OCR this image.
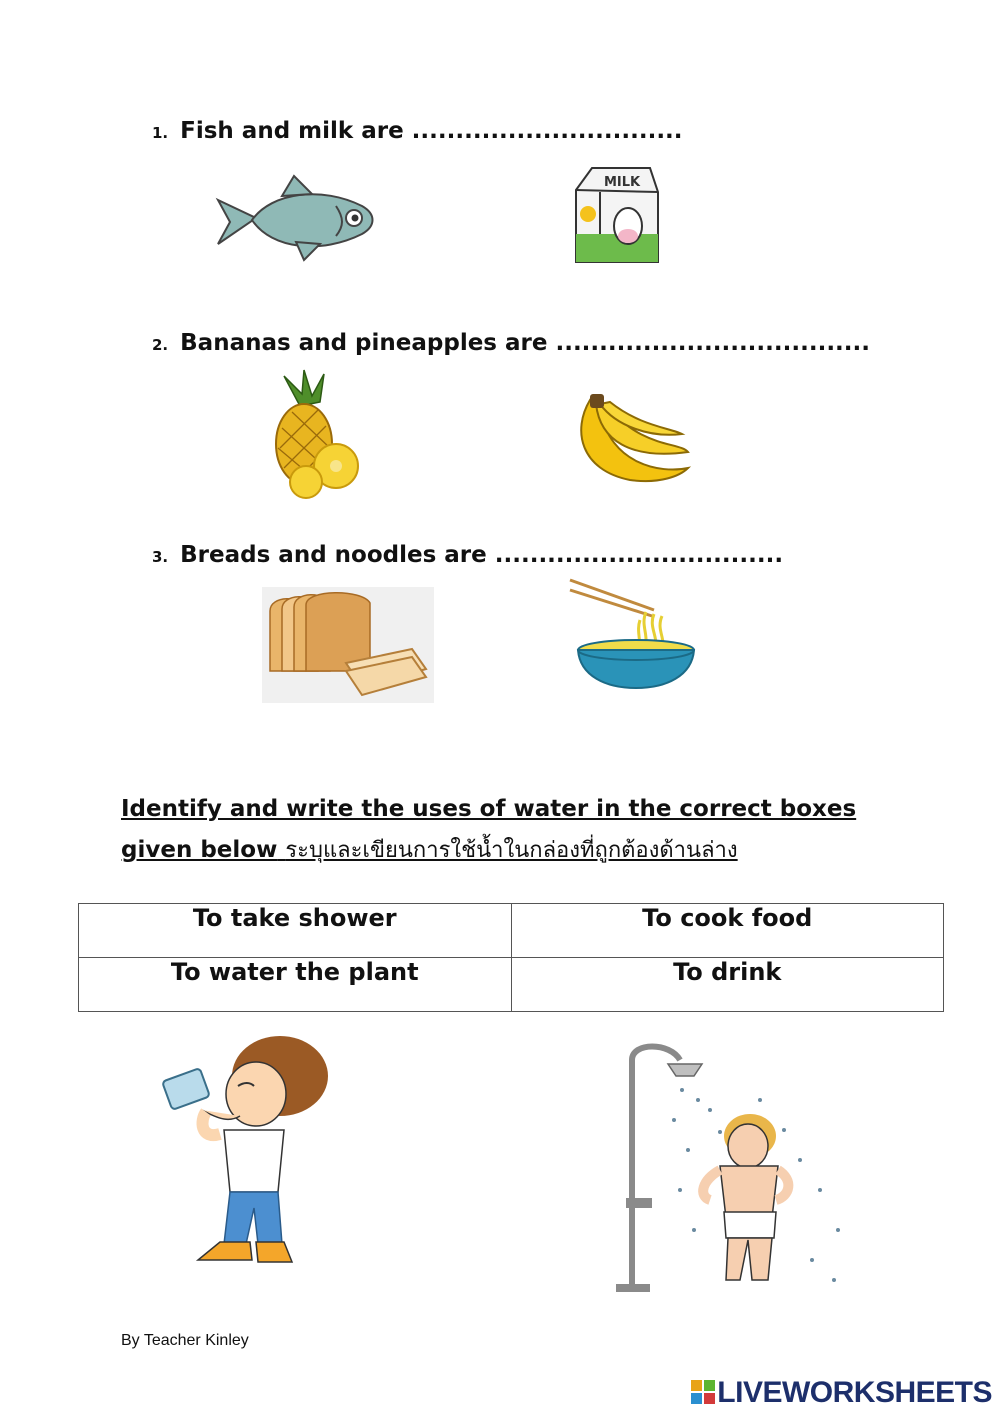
1. Fish and milk are ...............................
MILK
2. Bananas and pineapples are ....................................
3. Breads and noodles are .................................
Identify and write the uses of water in the correct boxes
given below ระบุและเขียนการใช้น้ำในกล่องที่ถูกต้องด้านล่าง
To take shower	To cook food
To water the plant	To drink
By Teacher Kinley
LIVEWORKSHEETS
